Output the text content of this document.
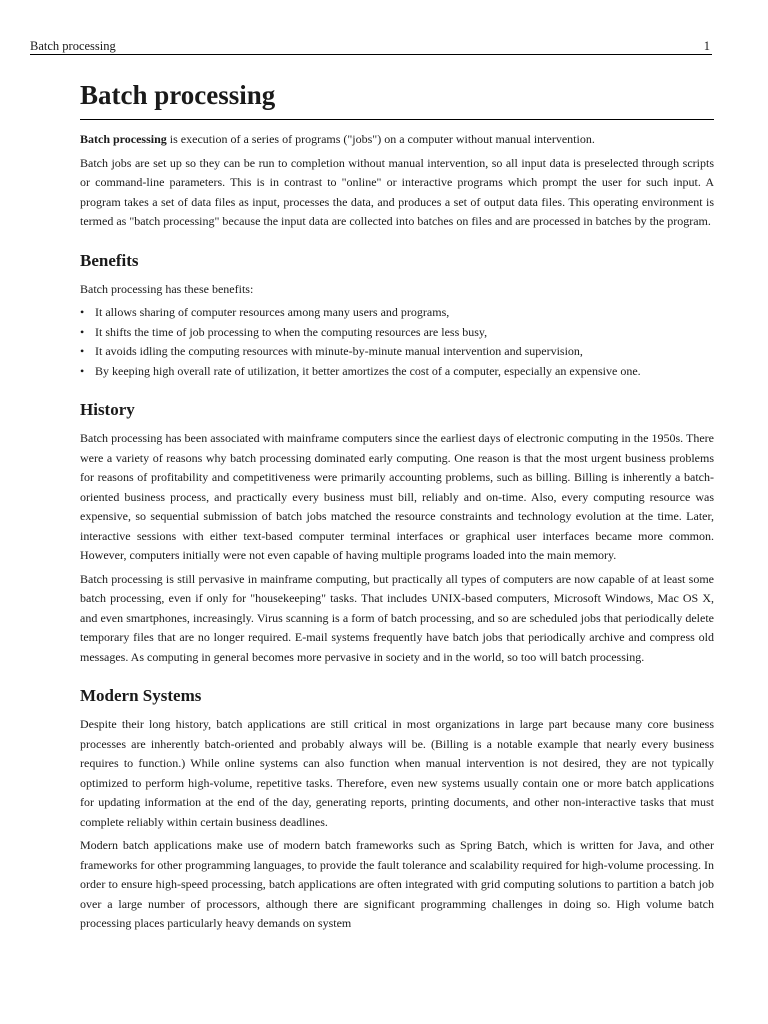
Batch processing	1
Batch processing

Batch processing is execution of a series of programs ("jobs") on a computer without manual intervention.

Batch jobs are set up so they can be run to completion without manual intervention, so all input data is preselected through scripts or command-line parameters. This is in contrast to "online" or interactive programs which prompt the user for such input. A program takes a set of data files as input, processes the data, and produces a set of output data files. This operating environment is termed as "batch processing" because the input data are collected into batches on files and are processed in batches by the program.

Benefits

Batch processing has these benefits:

• It allows sharing of computer resources among many users and programs,
• It shifts the time of job processing to when the computing resources are less busy,
• It avoids idling the computing resources with minute-by-minute manual intervention and supervision,
• By keeping high overall rate of utilization, it better amortizes the cost of a computer, especially an expensive one.
History

Batch processing has been associated with mainframe computers since the earliest days of electronic computing in the 1950s. There were a variety of reasons why batch processing dominated early computing. One reason is that the most urgent business problems for reasons of profitability and competitiveness were primarily accounting problems, such as billing. Billing is inherently a batch-oriented business process, and practically every business must bill, reliably and on-time. Also, every computing resource was expensive, so sequential submission of batch jobs matched the resource constraints and technology evolution at the time. Later, interactive sessions with either text-based computer terminal interfaces or graphical user interfaces became more common. However, computers initially were not even capable of having multiple programs loaded into the main memory.

Batch processing is still pervasive in mainframe computing, but practically all types of computers are now capable of at least some batch processing, even if only for "housekeeping" tasks. That includes UNIX-based computers, Microsoft Windows, Mac OS X, and even smartphones, increasingly. Virus scanning is a form of batch processing, and so are scheduled jobs that periodically delete temporary files that are no longer required. E-mail systems frequently have batch jobs that periodically archive and compress old messages. As computing in general becomes more pervasive in society and in the world, so too will batch processing.

Modern Systems

Despite their long history, batch applications are still critical in most organizations in large part because many core business processes are inherently batch-oriented and probably always will be. (Billing is a notable example that nearly every business requires to function.) While online systems can also function when manual intervention is not desired, they are not typically optimized to perform high-volume, repetitive tasks. Therefore, even new systems usually contain one or more batch applications for updating information at the end of the day, generating reports, printing documents, and other non-interactive tasks that must complete reliably within certain business deadlines.

Modern batch applications make use of modern batch frameworks such as Spring Batch, which is written for Java, and other frameworks for other programming languages, to provide the fault tolerance and scalability required for high-volume processing. In order to ensure high-speed processing, batch applications are often integrated with grid computing solutions to partition a batch job over a large number of processors, although there are significant programming challenges in doing so. High volume batch processing places particularly heavy demands on system
